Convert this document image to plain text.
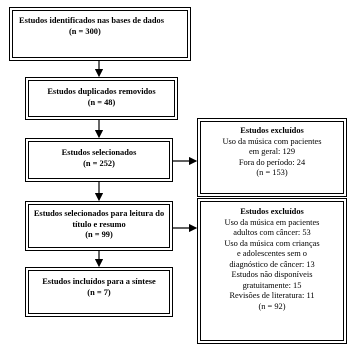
Estudos identificados nas bases de dados
(n = 300)
Estudos duplicados removidos
(n = 48)
Estudos selecionados
(n = 252)
Estudos excluídos
Uso da música com pacientes
em geral: 129
Fora do período: 24
(n = 153)
Estudos selecionados para leitura do título e resumo
(n = 99)
Estudos excluídos
Uso da música em pacientes
adultos com câncer: 53
Uso da música com crianças
e adolescentes sem o
diagnóstico de câncer: 13
Estudos não disponíveis
gratuitamente: 15
Revisões de literatura: 11
(n = 92)
Estudos incluídos para a síntese
(n = 7)
